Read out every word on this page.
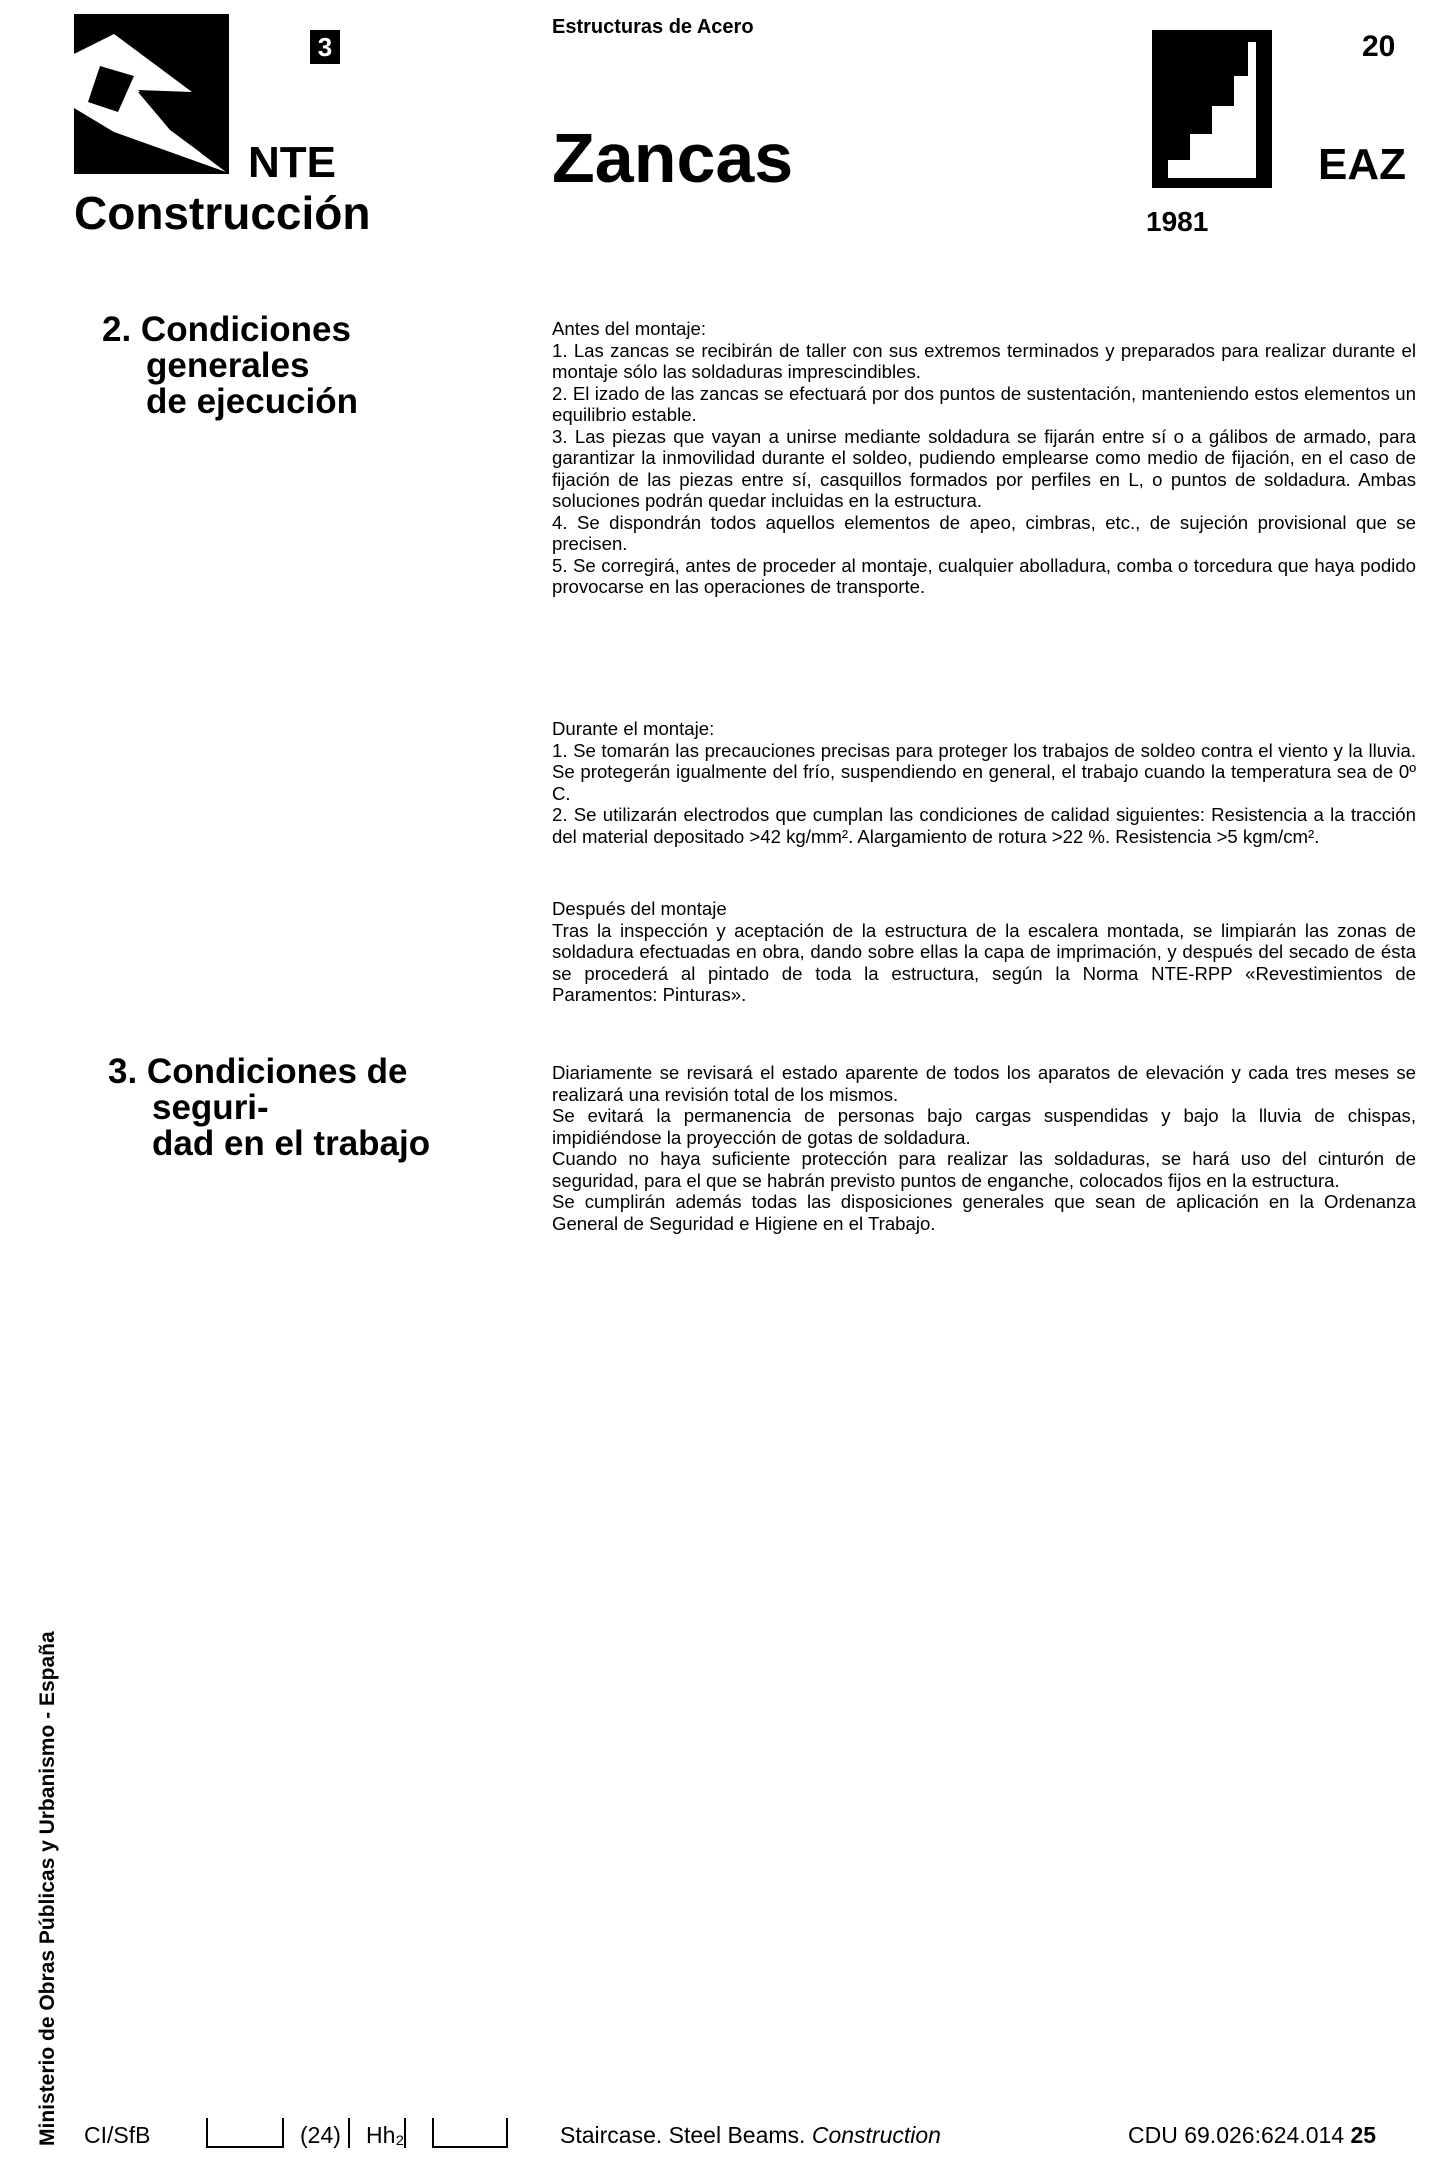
3
NTE
Construcción
Estructuras de Acero
Zancas
20
EAZ
1981
2. Condiciones generales
de ejecución

Antes del montaje:

1. Las zancas se recibirán de taller con sus extremos terminados y preparados para realizar durante el montaje sólo las soldaduras imprescindibles.

2. El izado de las zancas se efectuará por dos puntos de sustentación, manteniendo estos elementos un equilibrio estable.

3. Las piezas que vayan a unirse mediante soldadura se fijarán entre sí o a gálibos de armado, para garantizar la inmovilidad durante el soldeo, pudiendo emplearse como medio de fijación, en el caso de fijación de las piezas entre sí, casquillos formados por perfiles en L, o puntos de soldadura. Ambas soluciones podrán quedar incluidas en la estructura.

4. Se dispondrán todos aquellos elementos de apeo, cimbras, etc., de sujeción provisional que se precisen.

5. Se corregirá, antes de proceder al montaje, cualquier abolladura, comba o torcedura que haya podido provocarse en las operaciones de transporte.

Durante el montaje:

1. Se tomarán las precauciones precisas para proteger los trabajos de soldeo contra el viento y la lluvia. Se protegerán igualmente del frío, suspendiendo en general, el trabajo cuando la temperatura sea de 0º C.

2. Se utilizarán electrodos que cumplan las condiciones de calidad siguientes: Resistencia a la tracción del material depositado >42 kg/mm². Alargamiento de rotura >22 %. Resistencia >5 kgm/cm².

Después del montaje

Tras la inspección y aceptación de la estructura de la escalera montada, se limpiarán las zonas de soldadura efectuadas en obra, dando sobre ellas la capa de imprimación, y después del secado de ésta se procederá al pintado de toda la estructura, según la Norma NTE-RPP «Revestimientos de Paramentos: Pinturas».

3. Condiciones de seguri-
dad en el trabajo

Diariamente se revisará el estado aparente de todos los aparatos de elevación y cada tres meses se realizará una revisión total de los mismos.

Se evitará la permanencia de personas bajo cargas suspendidas y bajo la lluvia de chispas, impidiéndose la proyección de gotas de soldadura.

Cuando no haya suficiente protección para realizar las soldaduras, se hará uso del cinturón de seguridad, para el que se habrán previsto puntos de enganche, colocados fijos en la estructura.

Se cumplirán además todas las disposiciones generales que sean de aplicación en la Ordenanza General de Seguridad e Higiene en el Trabajo.

Ministerio de Obras Públicas y Urbanismo - España CI/SfB	(24) Hh₂	Staircase. Steel Beams. Construction	CDU 69.026:624.014 25
